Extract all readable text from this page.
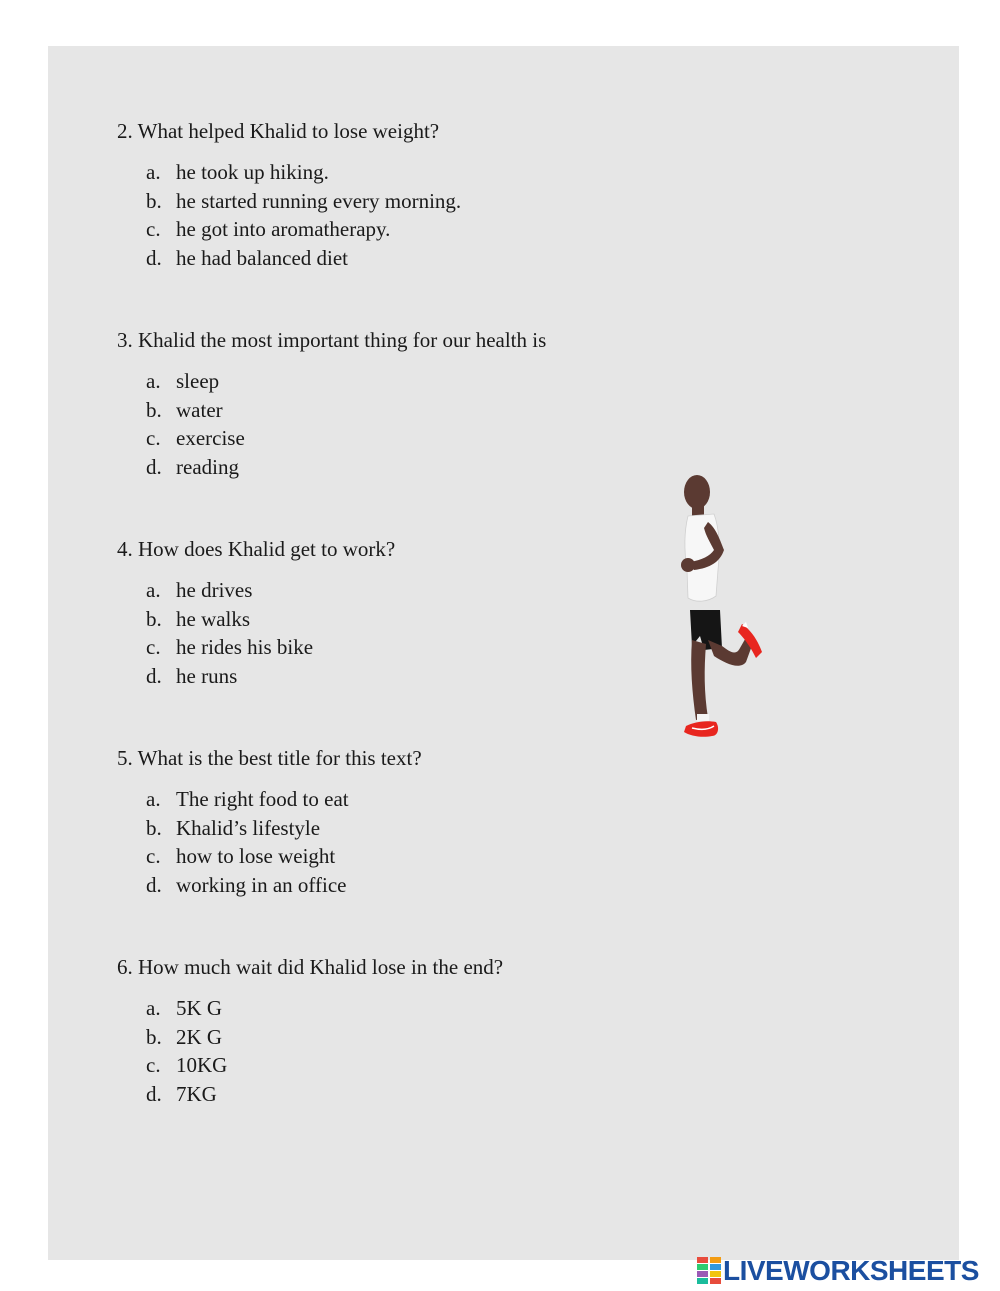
2. What helped Khalid to lose weight?

a. he took up hiking.
b. he started running every morning.
c. he got into aromatherapy.
d. he had balanced diet

3. Khalid the most important thing for our health is

a. sleep
b. water
c. exercise
d. reading

4. How does Khalid get to work?

a. he drives
b. he walks
c. he rides his bike
d. he runs

5. What is the best title for this text?

a. The right food to eat
b. Khalid’s lifestyle
c. how to lose weight
d. working in an office

6. How much wait did Khalid lose in the end?

a. 5K G
b. 2K G
c. 10KG
d. 7KG
LIVEWORKSHEETS
